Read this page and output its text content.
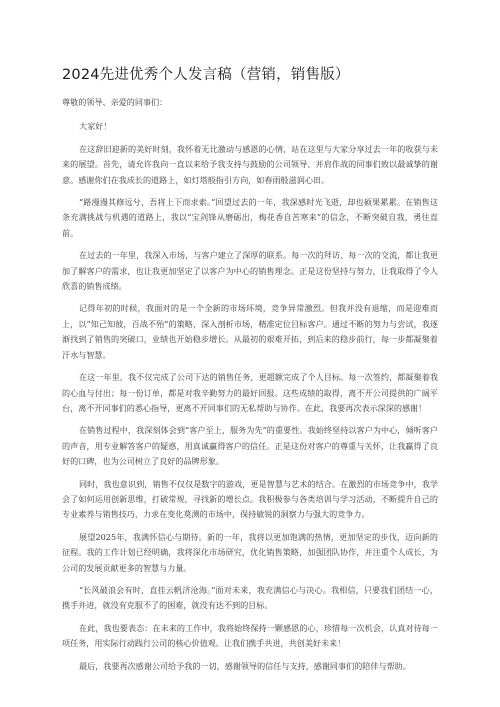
2024先进优秀个人发言稿（营销，销售版）

尊敬的领导、亲爱的同事们：

大家好！

在这辞旧迎新的美好时刻，我怀着无比激动与感恩的心情，站在这里与大家分享过去一年的收获与未来的展望。首先，请允许我向一直以来给予我支持与鼓励的公司领导、并肩作战的同事们致以最诚挚的谢意。感谢你们在我成长的道路上，如灯塔般指引方向，如春雨般滋润心田。

“路漫漫其修远兮，吾将上下而求索。”回望过去的一年，我深感时光飞逝，却也硕果累累。在销售这条充满挑战与机遇的道路上，我以“宝剑锋从磨砺出，梅花香自苦寒来”的信念，不断突破自我，勇往直前。

在过去的一年里，我深入市场，与客户建立了深厚的联系。每一次的拜访、每一次的交流，都让我更加了解客户的需求，也让我更加坚定了以客户为中心的销售理念。正是这份坚持与努力，让我取得了令人欣喜的销售成绩。

记得年初的时候，我面对的是一个全新的市场环境，竞争异常激烈。但我并没有退缩，而是迎难而上，以“知己知彼，百战不殆”的策略，深入剖析市场，精准定位目标客户。通过不断的努力与尝试，我逐渐找到了销售的突破口，业绩也开始稳步增长。从最初的艰难开拓，到后来的稳步前行，每一步都凝聚着汗水与智慧。

在这一年里，我不仅完成了公司下达的销售任务，更超额完成了个人目标。每一次签约，都凝聚着我的心血与付出；每一份订单，都是对我辛勤努力的最好回报。这些成绩的取得，离不开公司提供的广阔平台，离不开同事们的悉心指导，更离不开同事们的无私帮助与协作。在此，我要再次表示深深的感谢！

在销售过程中，我深刻体会到“客户至上，服务为先”的重要性。我始终坚持以客户为中心，倾听客户的声音，用专业解答客户的疑惑，用真诚赢得客户的信任。正是这份对客户的尊重与关怀，让我赢得了良好的口碑，也为公司树立了良好的品牌形象。

同时，我也意识到，销售不仅仅是数字的游戏，更是智慧与艺术的结合。在激烈的市场竞争中，我学会了如何运用创新思维，打破常规，寻找新的增长点。我积极参与各类培训与学习活动，不断提升自己的专业素养与销售技巧，力求在变化莫测的市场中，保持敏锐的洞察力与强大的竞争力。

展望2025年，我满怀信心与期待。新的一年，我将以更加饱满的热情，更加坚定的步伐，迈向新的征程。我的工作计划已经明确，我将深化市场研究，优化销售策略，加强团队协作，并注重个人成长，为公司的发展贡献更多的智慧与力量。

“长风破浪会有时，直挂云帆济沧海。”面对未来，我充满信心与决心。我相信，只要我们团结一心，携手并进，就没有克服不了的困难，就没有达不到的目标。

在此，我也要表态：在未来的工作中，我将始终保持一颗感恩的心，珍惜每一次机会，认真对待每一项任务，用实际行动践行公司的核心价值观。让我们携手共进，共创美好未来！

最后，我要再次感谢公司给予我的一切，感谢领导的信任与支持，感谢同事们的陪伴与帮助。
